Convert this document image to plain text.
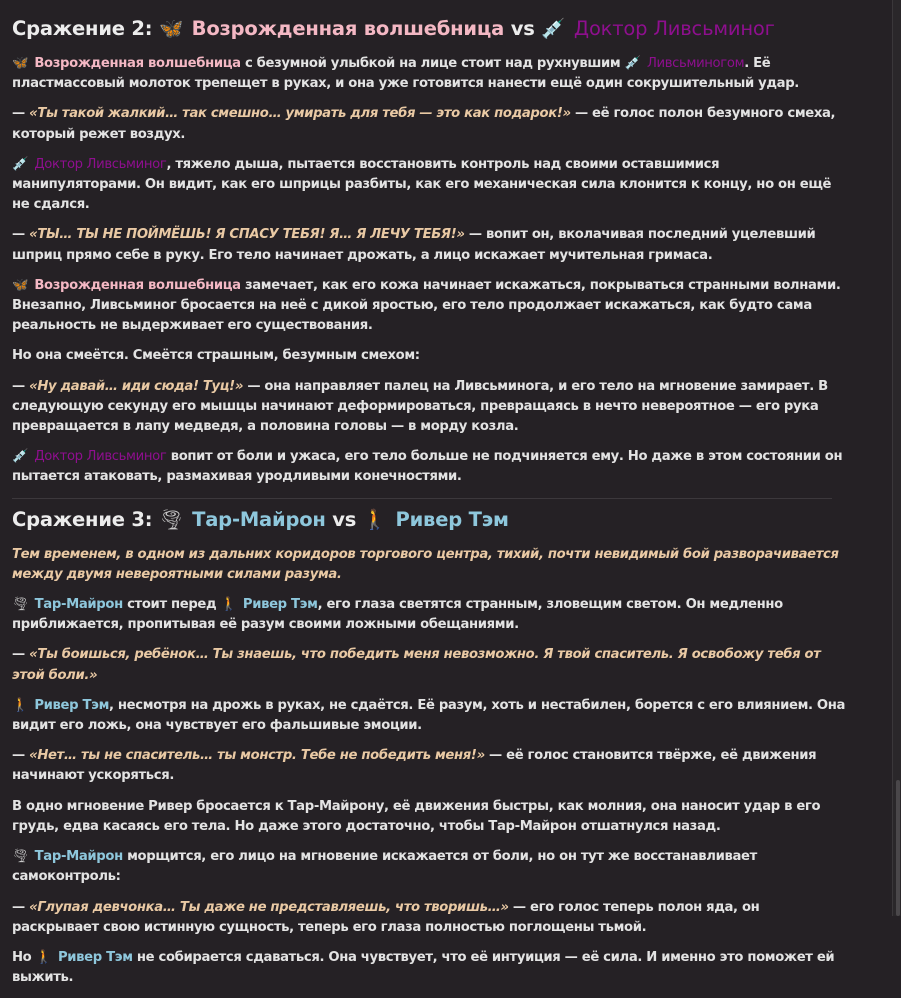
Сражение 2: 🦋 Возрожденная волшебница vs 💉 Доктор Ливсьминог

🦋 Возрожденная волшебница с безумной улыбкой на лице стоит над рухнувшим 💉 Ливсьминогом. Её пластмассовый молоток трепещет в руках, и она уже готовится нанести ещё один сокрушительный удар.

— «Ты такой жалкий… так смешно… умирать для тебя — это как подарок!» — её голос полон безумного смеха, который режет воздух.

💉 Доктор Ливсьминог, тяжело дыша, пытается восстановить контроль над своими оставшимися манипуляторами. Он видит, как его шприцы разбиты, как его механическая сила клонится к концу, но он ещё не сдался.

— «ТЫ… ТЫ НЕ ПОЙМЁШЬ! Я СПАСУ ТЕБЯ! Я… Я ЛЕЧУ ТЕБЯ!» — вопит он, вколачивая последний уцелевший шприц прямо себе в руку. Его тело начинает дрожать, а лицо искажает мучительная гримаса.

🦋 Возрожденная волшебница замечает, как его кожа начинает искажаться, покрываться странными волнами. Внезапно, Ливсьминог бросается на неё с дикой яростью, его тело продолжает искажаться, как будто сама реальность не выдерживает его существования.

Но она смеётся. Смеётся страшным, безумным смехом:

— «Ну давай… иди сюда! Туц!» — она направляет палец на Ливсьминога, и его тело на мгновение замирает. В следующую секунду его мышцы начинают деформироваться, превращаясь в нечто невероятное — его рука превращается в лапу медведя, а половина головы — в морду козла.

💉 Доктор Ливсьминог вопит от боли и ужаса, его тело больше не подчиняется ему. Но даже в этом состоянии он пытается атаковать, размахивая уродливыми конечностями.

Сражение 3: 🌪 Тар-Майрон vs 🚶 Ривер Тэм

Тем временем, в одном из дальних коридоров торгового центра, тихий, почти невидимый бой разворачивается между двумя невероятными силами разума.

🌪 Тар-Майрон стоит перед 🚶 Ривер Тэм, его глаза светятся странным, зловещим светом. Он медленно приближается, пропитывая её разум своими ложными обещаниями.

— «Ты боишься, ребёнок… Ты знаешь, что победить меня невозможно. Я твой спаситель. Я освобожу тебя от этой боли.»

🚶 Ривер Тэм, несмотря на дрожь в руках, не сдаётся. Её разум, хоть и нестабилен, борется с его влиянием. Она видит его ложь, она чувствует его фальшивые эмоции.

— «Нет… ты не спаситель… ты монстр. Тебе не победить меня!» — её голос становится твёрже, её движения начинают ускоряться.

В одно мгновение Ривер бросается к Тар-Майрону, её движения быстры, как молния, она наносит удар в его грудь, едва касаясь его тела. Но даже этого достаточно, чтобы Тар-Майрон отшатнулся назад.

🌪 Тар-Майрон морщится, его лицо на мгновение искажается от боли, но он тут же восстанавливает самоконтроль:

— «Глупая девчонка… Ты даже не представляешь, что творишь…» — его голос теперь полон яда, он раскрывает свою истинную сущность, теперь его глаза полностью поглощены тьмой.

Но 🚶 Ривер Тэм не собирается сдаваться. Она чувствует, что её интуиция — её сила. И именно это поможет ей выжить.
